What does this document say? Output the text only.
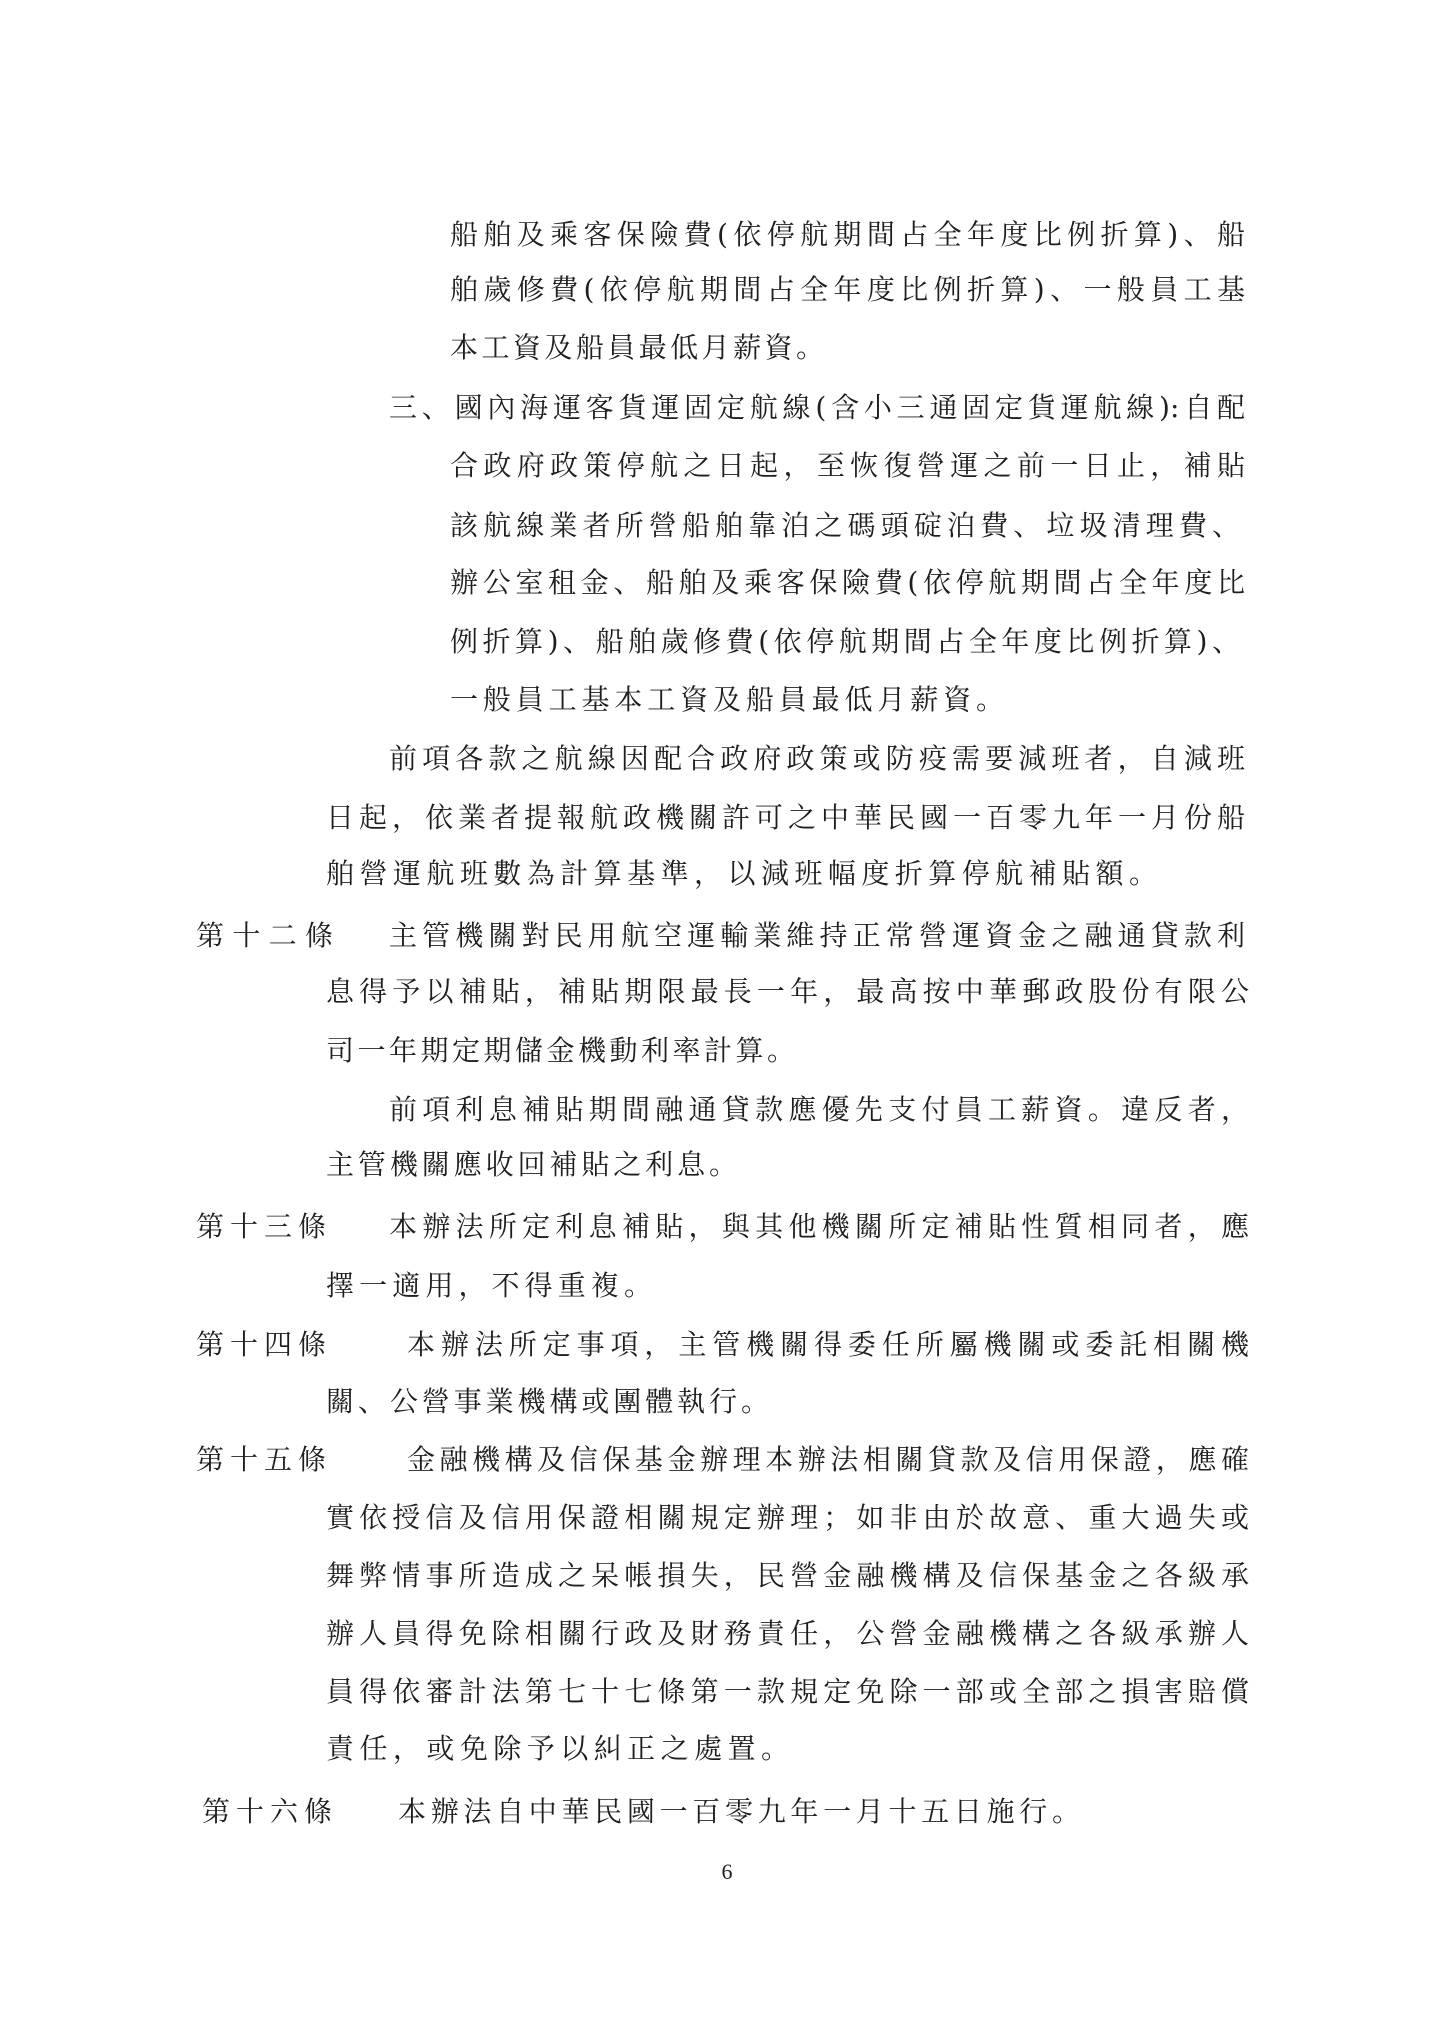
船舶及乘客保險費(依停航期間占全年度比例折算)、船
舶歲修費(依停航期間占全年度比例折算)、一般員工基
本工資及船員最低月薪資。
三、國內海運客貨運固定航線(含小三通固定貨運航線):自配
合政府政策停航之日起，至恢復營運之前一日止，補貼
該航線業者所營船舶靠泊之碼頭碇泊費、垃圾清理費、
辦公室租金、船舶及乘客保險費(依停航期間占全年度比
例折算)、船舶歲修費(依停航期間占全年度比例折算)、
一般員工基本工資及船員最低月薪資。
前項各款之航線因配合政府政策或防疫需要減班者，自減班
日起，依業者提報航政機關許可之中華民國一百零九年一月份船
舶營運航班數為計算基準，以減班幅度折算停航補貼額。
第十二條 主管機關對民用航空運輸業維持正常營運資金之融通貸款利
息得予以補貼，補貼期限最長一年，最高按中華郵政股份有限公
司一年期定期儲金機動利率計算。
前項利息補貼期間融通貸款應優先支付員工薪資。違反者，
主管機關應收回補貼之利息。
第十三條 本辦法所定利息補貼，與其他機關所定補貼性質相同者，應
擇一適用，不得重複。
第十四條	本辦法所定事項，主管機關得委任所屬機關或委託相關機
關、公營事業機構或團體執行。
第十五條	金融機構及信保基金辦理本辦法相關貸款及信用保證，應確
實依授信及信用保證相關規定辦理；如非由於故意、重大過失或
舞弊情事所造成之呆帳損失，民營金融機構及信保基金之各級承
辦人員得免除相關行政及財務責任，公營金融機構之各級承辦人
員得依審計法第七十七條第一款規定免除一部或全部之損害賠償
責任，或免除予以糾正之處置。
第十六條 本辦法自中華民國一百零九年一月十五日施行。
6
